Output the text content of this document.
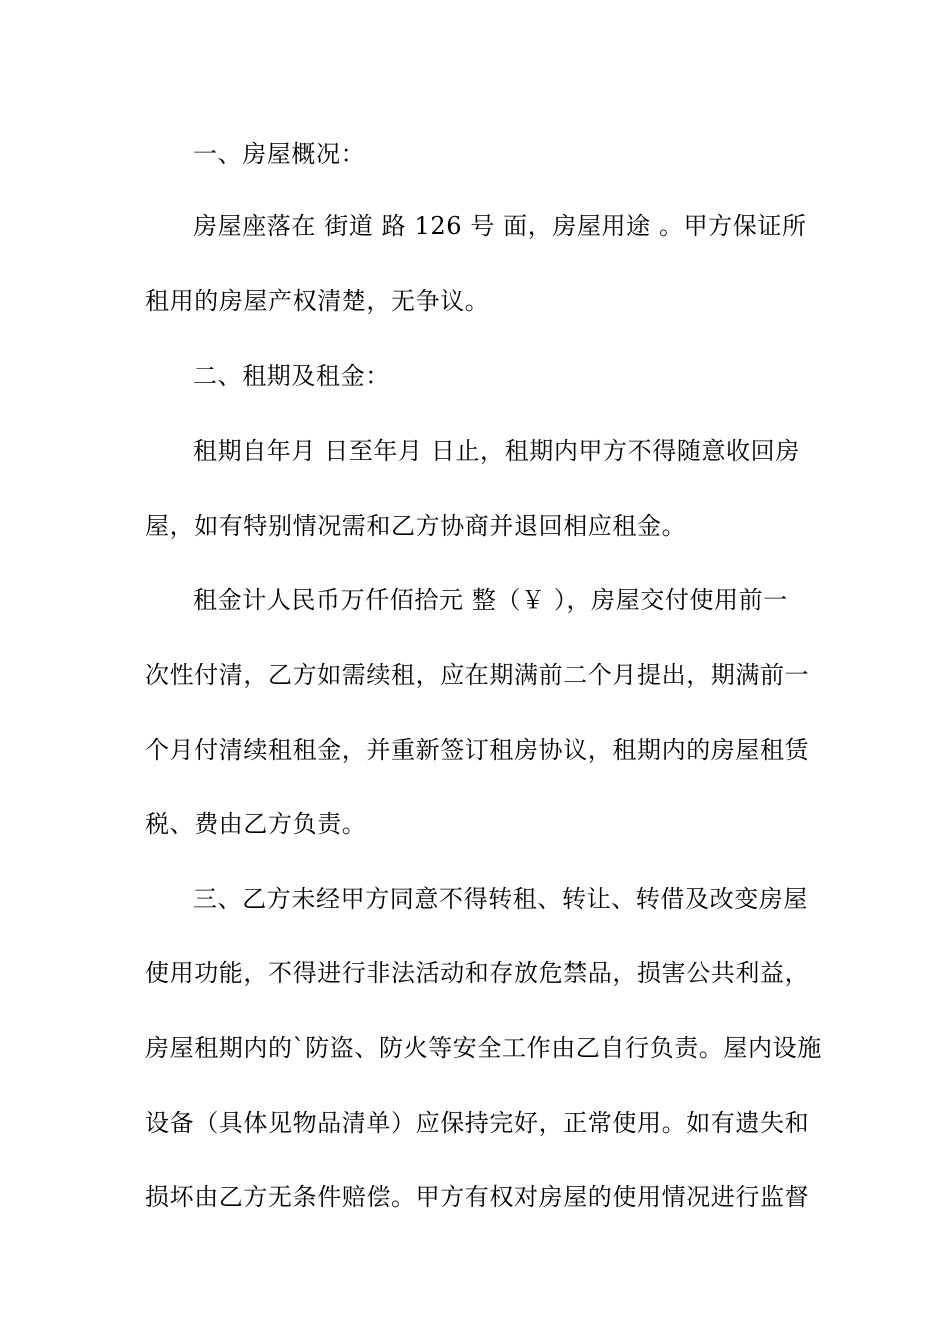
一、房屋概况：
房屋座落在 街道 路 126 号 面，房屋用途 。甲方保证所
租用的房屋产权清楚，无争议。
二、租期及租金：
租期自年月 日至年月 日止，租期内甲方不得随意收回房
屋，如有特别情况需和乙方协商并退回相应租金。
租金计人民币万仟佰拾元 整（￥ ），房屋交付使用前一
次性付清，乙方如需续租，应在期满前二个月提出，期满前一
个月付清续租租金，并重新签订租房协议，租期内的房屋租赁
税、费由乙方负责。
三、乙方未经甲方同意不得转租、转让、转借及改变房屋
使用功能，不得进行非法活动和存放危禁品，损害公共利益，
房屋租期内的`防盗、防火等安全工作由乙自行负责。屋内设施
设备（具体见物品清单）应保持完好，正常使用。如有遗失和
损坏由乙方无条件赔偿。甲方有权对房屋的使用情况进行监督
